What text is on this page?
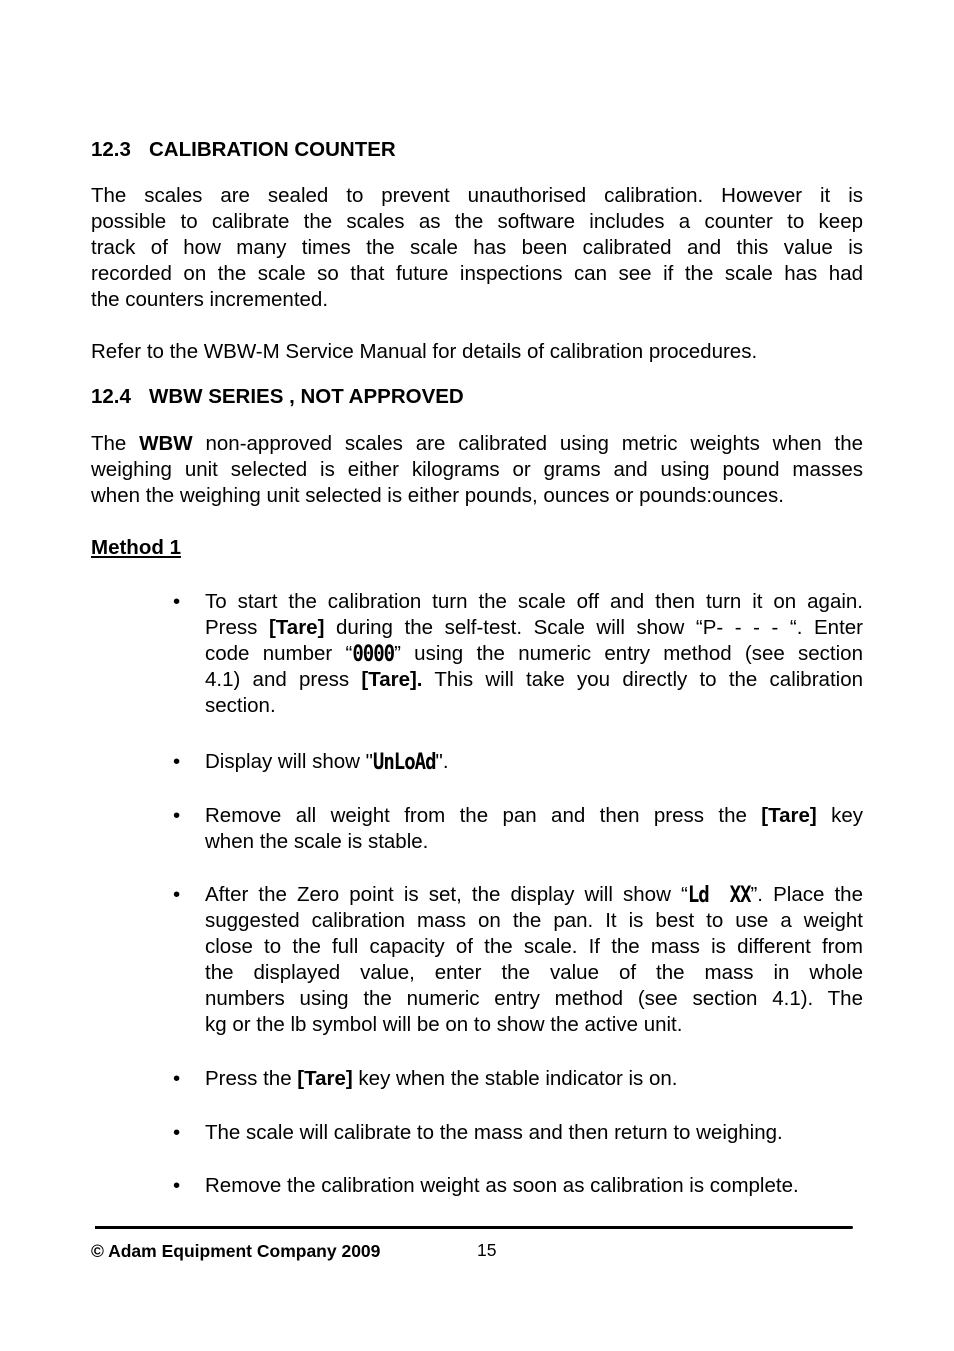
12.3 CALIBRATION COUNTER
The scales are sealed to prevent unauthorised calibration. However it is
possible to calibrate the scales as the software includes a counter to keep
track of how many times the scale has been calibrated and this value is
recorded on the scale so that future inspections can see if the scale has had
the counters incremented.
Refer to the WBW-M Service Manual for details of calibration procedures.
12.4 WBW SERIES , NOT APPROVED
The WBW non-approved scales are calibrated using metric weights when the
weighing unit selected is either kilograms or grams and using pound masses
when the weighing unit selected is either pounds, ounces or pounds:ounces.
Method 1
• To start the calibration turn the scale off and then turn it on again.
Press [Tare] during the self-test. Scale will show “P- - - - “. Enter
code number “0000” using the numeric entry method (see section
4.1) and press [Tare]. This will take you directly to the calibration
section.
• Display will show "UnLoAd".
• Remove all weight from the pan and then press the [Tare] key
when the scale is stable.
• After the Zero point is set, the display will show “Ld  XX”. Place the
suggested calibration mass on the pan. It is best to use a weight
close to the full capacity of the scale. If the mass is different from
the displayed value, enter the value of the mass in whole
numbers using the numeric entry method (see section 4.1). The
kg or the lb symbol will be on to show the active unit.
• Press the [Tare] key when the stable indicator is on.
• The scale will calibrate to the mass and then return to weighing.
• Remove the calibration weight as soon as calibration is complete.
© Adam Equipment Company 2009	15
